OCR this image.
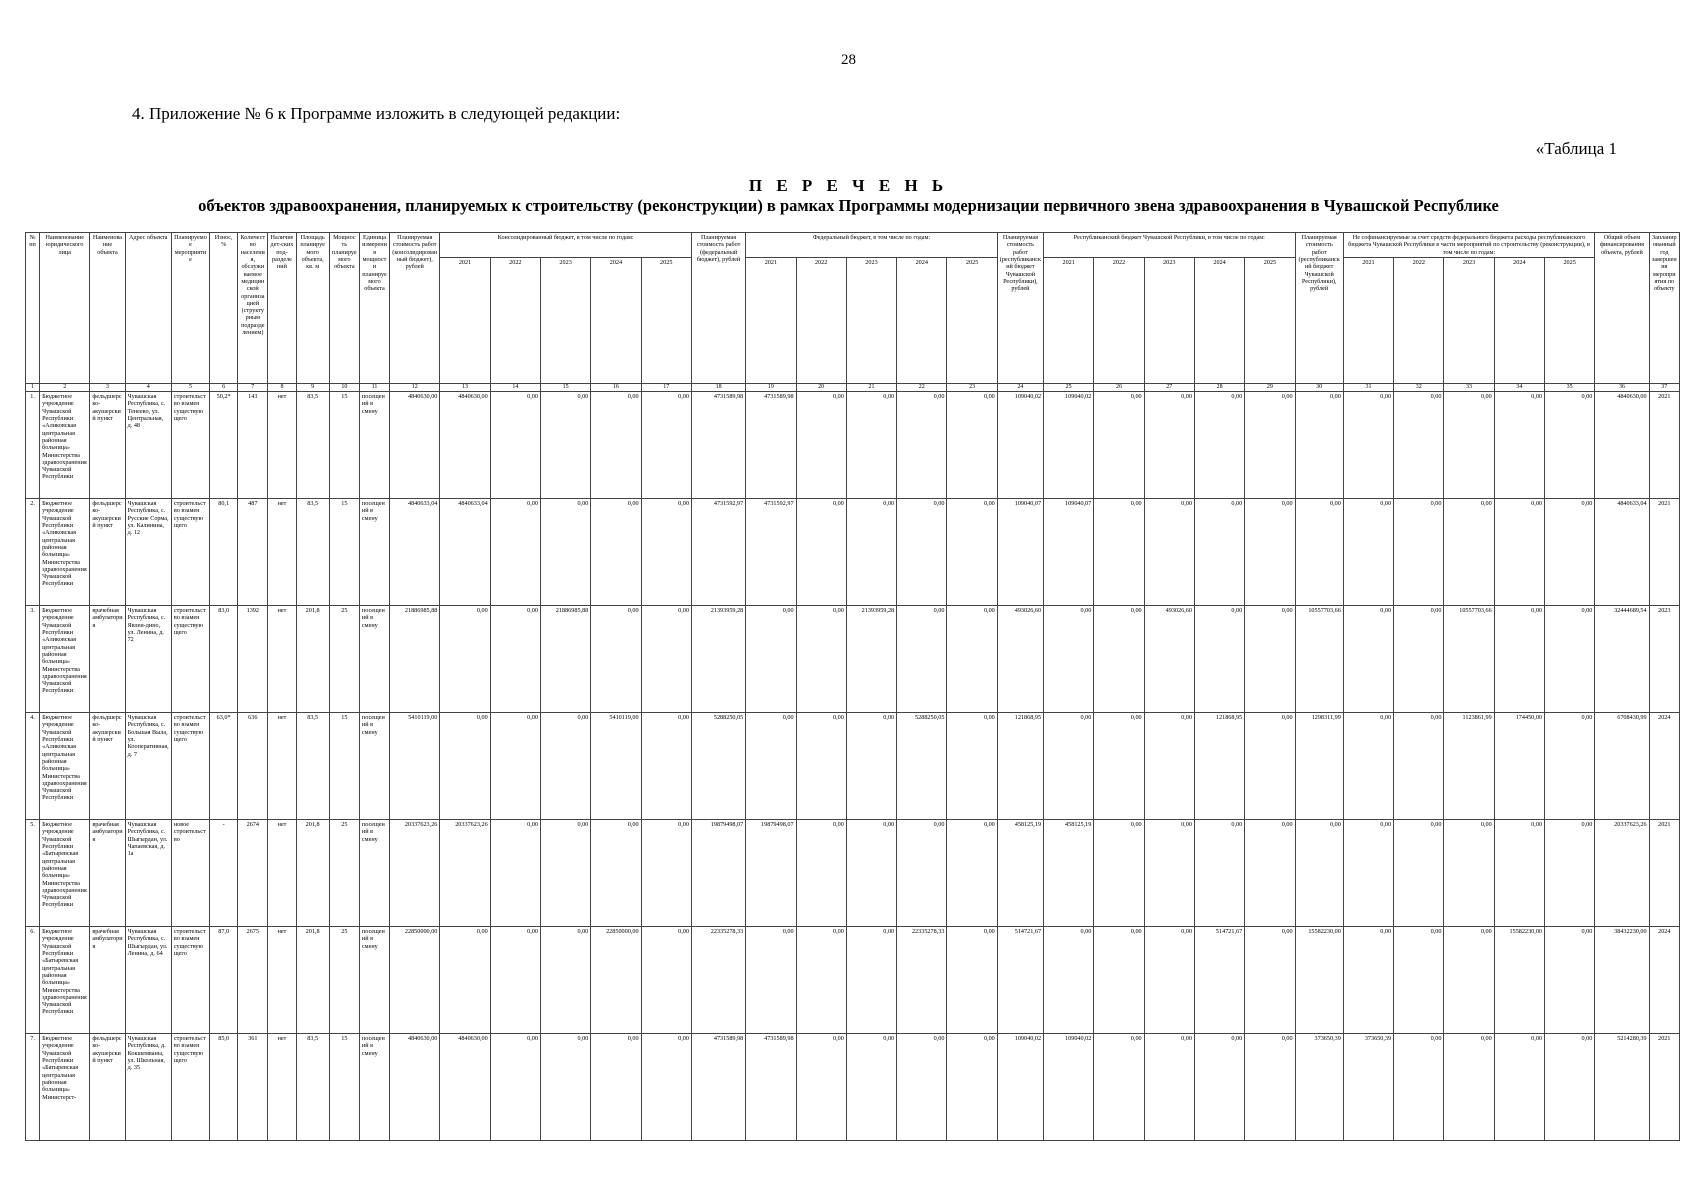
28
4. Приложение № 6 к Программе изложить в следующей редакции:
«Таблица 1
П Е Р Е Ч Е Н Ь
объектов здравоохранения, планируемых к строительству (реконструкции) в рамках Программы модернизации первичного звена здравоохранения в Чувашской Республике
№ пп	Наименование юридического лица	Наименование объекта	Адрес объекта	Планируемое мероприятие	Износ, %	Количество населения, обслуживаемое медицинской организацией (структурным подразделением)	Наличие дет-ских под-разделений	Площадь планируемого объекта, кв. м	Мощность планируемого объекта	Единица измерения мощности планируемого объекта	Планируемая стоимость работ (консолидированный бюджет), рублей	Консолидированный бюджет, в том числе по годам:					Планируемая стоимость работ (федеральный бюджет), рублей	Федеральный бюджет, в том числе по годам:					Планируемая стоимость работ (республиканский бюджет Чувашской Республики), рублей	Республиканский бюджет Чувашской Республики, в том числе по годам:					Планируемая стоимость работ (республиканский бюджет Чувашской Республики), рублей	Не софинансируемые за счет средств федерального бюджета расходы республиканского бюджета Чувашской Республики в части мероприятий по строительству (реконструкции), в том числе по годам:					Общий объем финансирования объекта, рублей	Запланированный год завершения мероприятия по объекту
												2021	2022	2023	2024	2025		2021	2022	2023	2024	2025		2021	2022	2023	2024	2025		2021	2022	2023	2024	2025		
1	2	3	4	5	6	7	8	9	10	11	12	13	14	15	16	17	18	19	20	21	22	23	24	25	26	27	28	29	30	31	32	33	34	35	36	37
1.	Бюджетное учреждение Чувашской Республики «Аликовская центральная районная больница» Министерства здравоохранения Чувашской Республики	фельдшерско-акушерский пункт	Чувашская Республика, с. Тенеево, ул. Центральная, д. 48	строительство взамен существующего	50,2*	143	нет	83,5	15	посещений в смену	4840630,00	4840630,00	0,00	0,00	0,00	0,00	4731589,98	4731589,98	0,00	0,00	0,00	0,00	109040,02	109040,02	0,00	0,00	0,00	0,00	0,00	0,00	0,00	0,00	0,00	0,00	4840630,00	2021
2.	Бюджетное учреждение Чувашской Республики «Аликовская центральная районная больница» Министерства здравоохранения Чувашской Республики	фельдшерско-акушерский пункт	Чувашская Республика, с. Русские Сорма, ул. Калинина, д. 12	строительство взамен существующего	80,1	487	нет	83,5	15	посещений в смену	4840633,04	4840633,04	0,00	0,00	0,00	0,00	4731592,97	4731592,97	0,00	0,00	0,00	0,00	109040,07	109040,07	0,00	0,00	0,00	0,00	0,00	0,00	0,00	0,00	0,00	0,00	4840633,04	2021
3.	Бюджетное учреждение Чувашской Республики «Аликовская центральная районная больница» Министерства здравоохранения Чувашской Республики	врачебная амбулатория	Чувашская Республика, с. Явлеи-дино, ул. Ленина, д. 72	строительство взамен существующего	83,0	1392	нет	201,8	25	посещений в смену	21886985,88	0,00	0,00	21886985,88	0,00	0,00	21393959,28	0,00	0,00	21393959,28	0,00	0,00	493026,60	0,00	0,00	493026,60	0,00	0,00	10557703,66	0,00	0,00	10557703,66	0,00	0,00	32444689,54	2023
4.	Бюджетное учреждение Чувашской Республики «Аликовская центральная районная больница» Министерства здравоохранения Чувашской Республики	фельдшерско-акушерский пункт	Чувашская Республика, с. Большая Выла, ул. Кооперативная, д. 7	строительство взамен существующего	63,0*	636	нет	83,5	15	посещений в смену	5410119,00	0,00	0,00	0,00	5410119,00	0,00	5288250,05	0,00	0,00	0,00	5288250,05	0,00	121868,95	0,00	0,00	0,00	121868,95	0,00	1298311,99	0,00	0,00	1123861,99	174450,00	0,00	6708430,99	2024
5.	Бюджетное учреждение Чувашской Республики «Батыревская центральная районная больница» Министерства здравоохранения Чувашской Республики	врачебная амбулатория	Чувашская Республика, с. Шыгырдан, ул. Чапаевская, д. 1а	новое строительство	-	2674	нет	201,8	25	посещений в смену	20337623,26	20337623,26	0,00	0,00	0,00	0,00	19879498,07	19879498,07	0,00	0,00	0,00	0,00	458125,19	458125,19	0,00	0,00	0,00	0,00	0,00	0,00	0,00	0,00	0,00	0,00	20337623,26	2021
6.	Бюджетное учреждение Чувашской Республики «Батыревская центральная районная больница» Министерства здравоохранения Чувашской Республики	врачебная амбулатория	Чувашская Республика, с. Шыгырдан, ул. Ленина, д. 64	строительство взамен существующего	87,0	2675	нет	201,8	25	посещений в смену	22850000,00	0,00	0,00	0,00	22850000,00	0,00	22335278,33	0,00	0,00	0,00	22335278,33	0,00	514721,67	0,00	0,00	0,00	514721,67	0,00	15582230,00	0,00	0,00	0,00	15582230,00	0,00	38432230,00	2024
7.	Бюджетное учреждение Чувашской Республики «Батыревская центральная районная больница» Министерст-	фельдшерско-акушерский пункт	Чувашская Республика, д. Кокшемваны, ул. Школьная, д. 35	строительство взамен существующего	85,0	361	нет	83,5	15	посещений в смену	4840630,00	4840630,00	0,00	0,00	0,00	0,00	4731589,98	4731589,98	0,00	0,00	0,00	0,00	109040,02	109040,02	0,00	0,00	0,00	0,00	373650,39	373650,39	0,00	0,00	0,00	0,00	5214280,39	2021
